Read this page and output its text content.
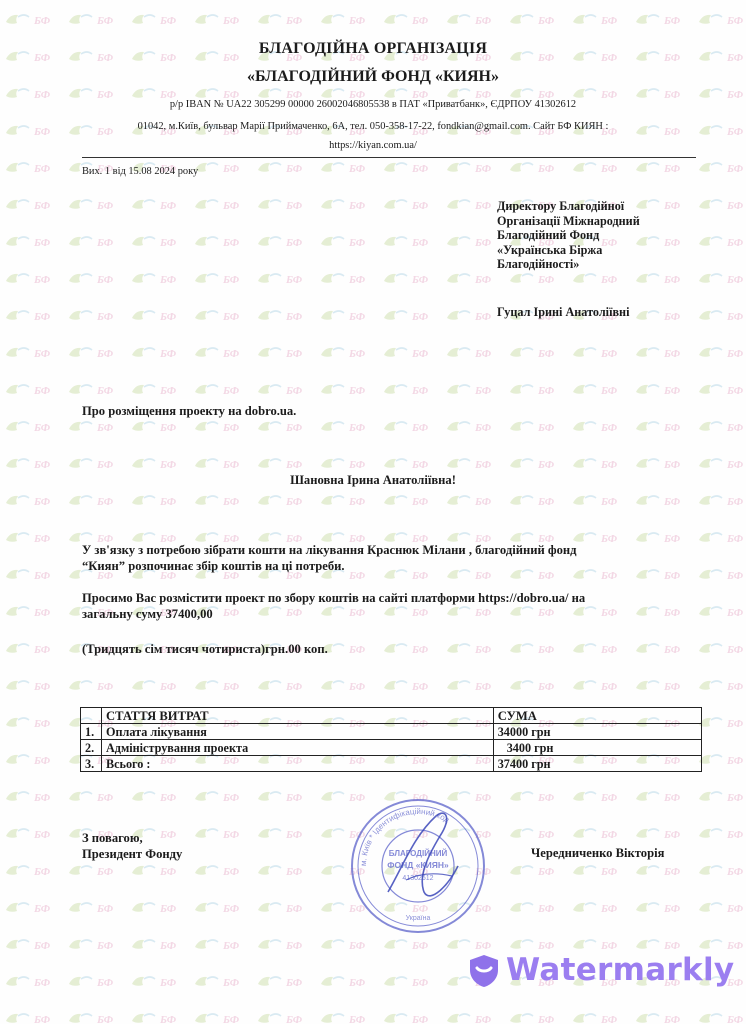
БЛАГОДІЙНА ОРГАНІЗАЦІЯ
«БЛАГОДІЙНИЙ ФОНД «КИЯН»
р/р IBAN № UA22 305299 00000 26002046805538 в ПАТ «Приватбанк», ЄДРПОУ 41302612
01042, м.Київ, бульвар Марії Приймаченко, 6А, тел. 050-358-17-22, fondkian@gmail.com. Сайт БФ КИЯН :
https://kiyan.com.ua/
Вих. 1 від 15.08 2024 року
Директору Благодійної
Організації Міжнародний
Благодійний Фонд
«Українська Біржа
Благодійності»
Гуцал Ірині Анатоліївні
Про розміщення проекту на dobro.ua.
Шановна Ірина Анатоліївна!
У зв'язку з потребою зібрати кошти на лікування Краснюк Мілани , благодійний фонд
“Киян” розпочинає збір коштів на ці потреби.
Просимо Вас розмістити проект по збору коштів на сайті платформи https://dobro.ua/ на
загальну суму 37400,00
(Тридцять сім тисяч чотириста)грн.00 коп.
	СТАТТЯ ВИТРАТ	СУМА
1.	Оплата лікування	34000 грн
2.	Адміністрування проекта	3400 грн
3.	Всього :	37400 грн
З повагою,
Президент Фонду	Чередниченко Вікторія
м. Київ * Ідентифікаційний код
БЛАГОДІЙНИЙ
ФОНД «КИЯН»
41302612
Україна
Watermarkly
